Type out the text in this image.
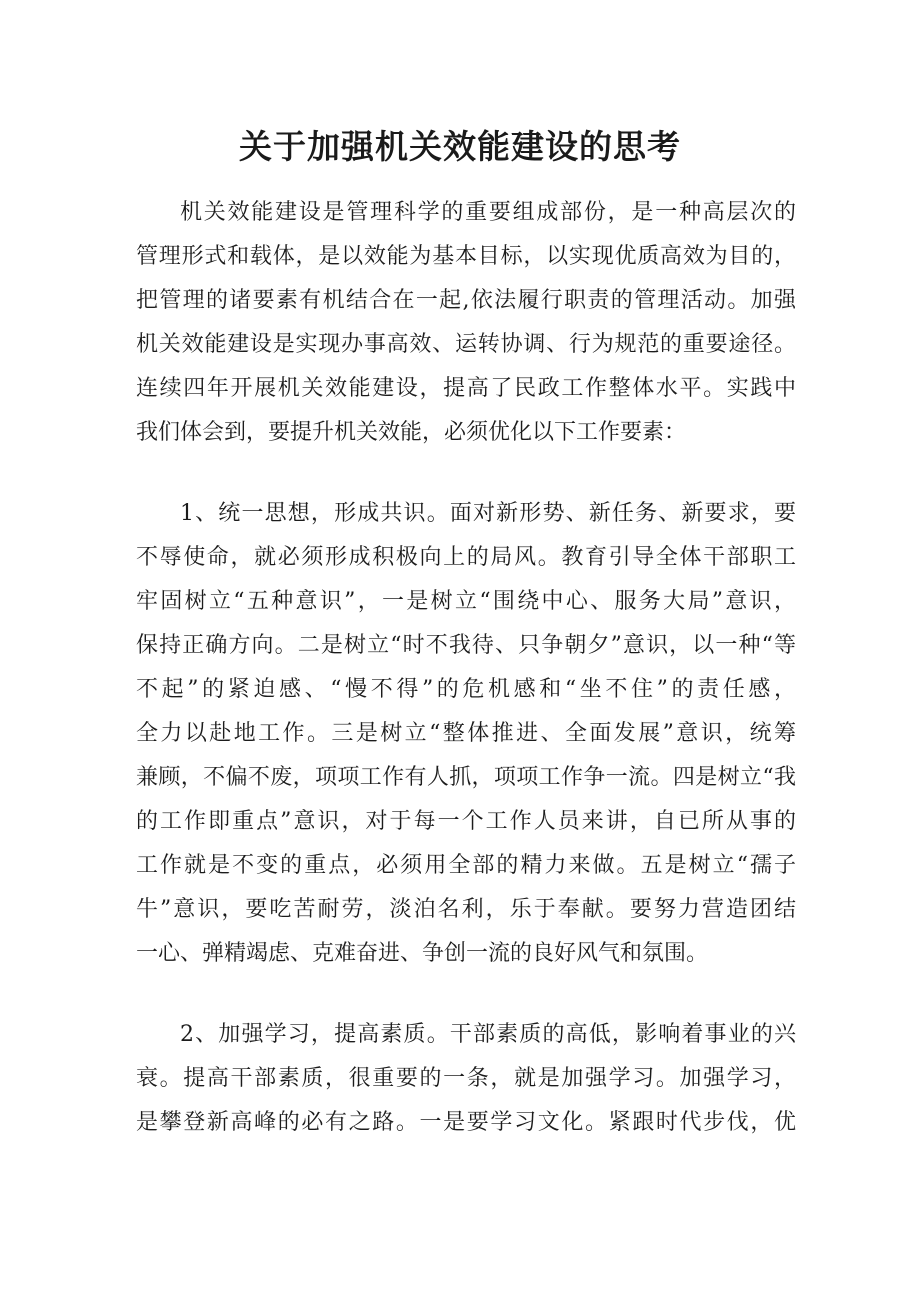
关于加强机关效能建设的思考
机关效能建设是管理科学的重要组成部份，是一种高层次的
管理形式和载体，是以效能为基本目标，以实现优质高效为目的，
把管理的诸要素有机结合在一起,依法履行职责的管理活动。加强
机关效能建设是实现办事高效、运转协调、行为规范的重要途径。
连续四年开展机关效能建设，提高了民政工作整体水平。实践中
我们体会到，要提升机关效能，必须优化以下工作要素：
1、统一思想，形成共识。面对新形势、新任务、新要求，要
不辱使命，就必须形成积极向上的局风。教育引导全体干部职工
牢固树立“五种意识”，一是树立“围绕中心、服务大局”意识，
保持正确方向。二是树立“时不我待、只争朝夕”意识，以一种“等
不起”的紧迫感、“慢不得”的危机感和“坐不住”的责任感，
全力以赴地工作。三是树立“整体推进、全面发展”意识，统筹
兼顾，不偏不废，项项工作有人抓，项项工作争一流。四是树立“我
的工作即重点”意识，对于每一个工作人员来讲，自已所从事的
工作就是不变的重点，必须用全部的精力来做。五是树立“孺子
牛”意识，要吃苦耐劳，淡泊名利，乐于奉献。要努力营造团结
一心、弹精竭虑、克难奋进、争创一流的良好风气和氛围。
2、加强学习，提高素质。干部素质的高低，影响着事业的兴
衰。提高干部素质，很重要的一条，就是加强学习。加强学习，
是攀登新高峰的必有之路。一是要学习文化。紧跟时代步伐，优
